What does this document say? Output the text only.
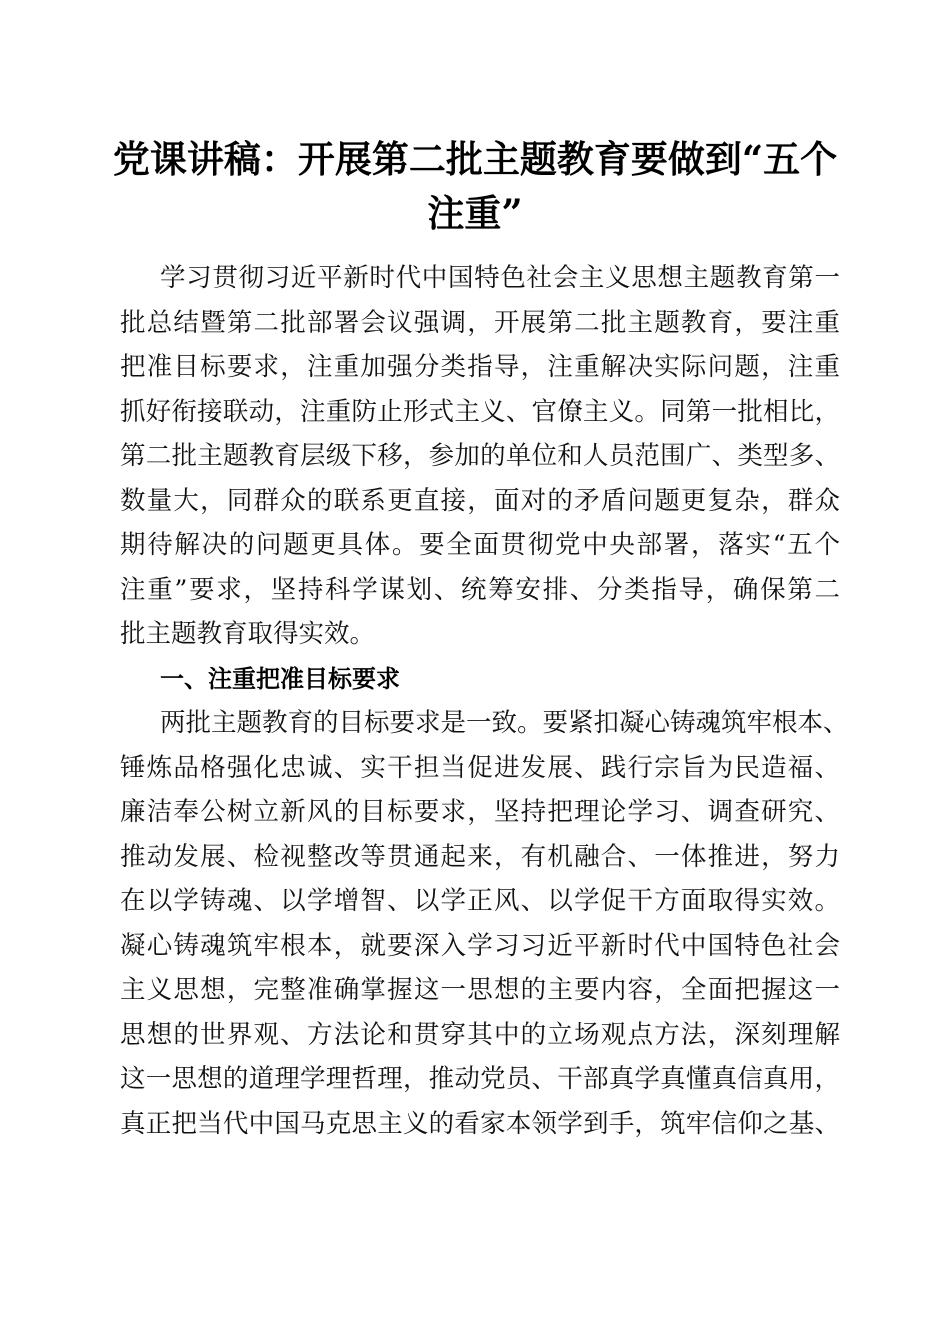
党课讲稿：开展第二批主题教育要做到“五个
注重”
学习贯彻习近平新时代中国特色社会主义思想主题教育第一
批总结暨第二批部署会议强调，开展第二批主题教育，要注重
把准目标要求，注重加强分类指导，注重解决实际问题，注重
抓好衔接联动，注重防止形式主义、官僚主义。同第一批相比，
第二批主题教育层级下移，参加的单位和人员范围广、类型多、
数量大，同群众的联系更直接，面对的矛盾问题更复杂，群众
期待解决的问题更具体。要全面贯彻党中央部署，落实“五个
注重”要求，坚持科学谋划、统筹安排、分类指导，确保第二
批主题教育取得实效。
一、注重把准目标要求
两批主题教育的目标要求是一致。要紧扣凝心铸魂筑牢根本、
锤炼品格强化忠诚、实干担当促进发展、践行宗旨为民造福、
廉洁奉公树立新风的目标要求，坚持把理论学习、调查研究、
推动发展、检视整改等贯通起来，有机融合、一体推进，努力
在以学铸魂、以学增智、以学正风、以学促干方面取得实效。
凝心铸魂筑牢根本，就要深入学习习近平新时代中国特色社会
主义思想，完整准确掌握这一思想的主要内容，全面把握这一
思想的世界观、方法论和贯穿其中的立场观点方法，深刻理解
这一思想的道理学理哲理，推动党员、干部真学真懂真信真用，
真正把当代中国马克思主义的看家本领学到手，筑牢信仰之基、
